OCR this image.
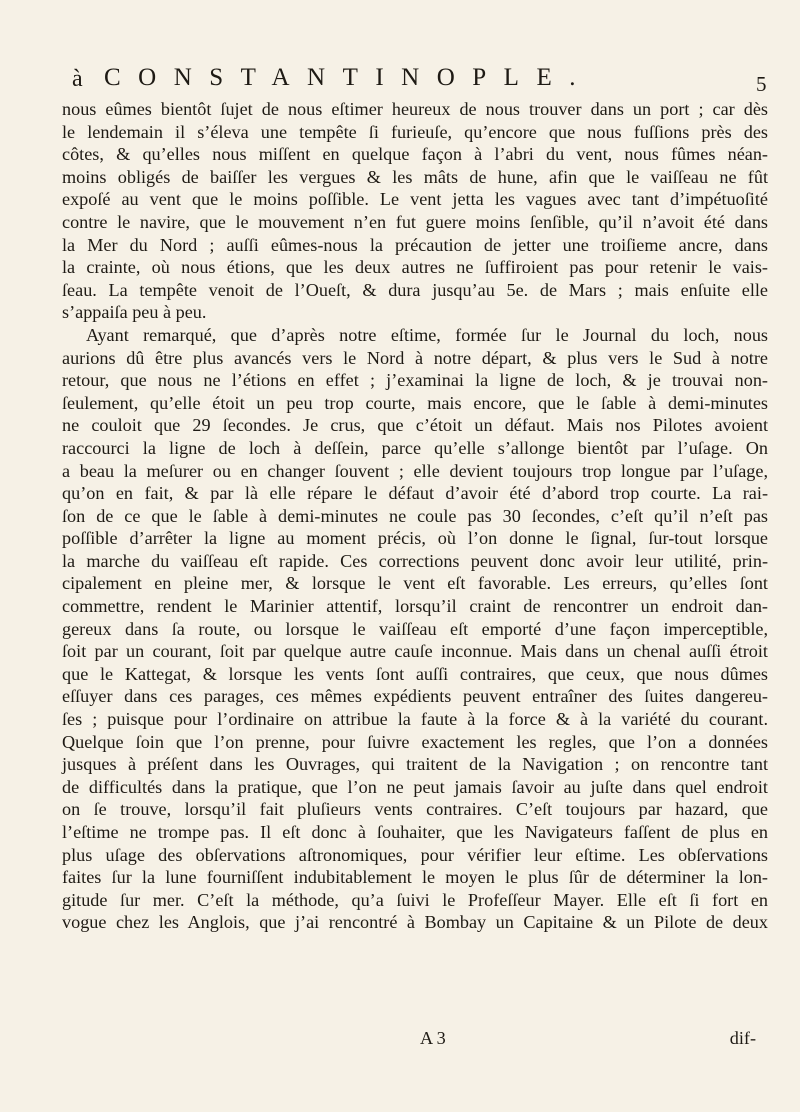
à CONSTANTINOPLE.	5
nous eûmes bientôt ſujet de nous eſtimer heureux de nous trouver dans un port ; car dès
le lendemain il s’éleva une tempête ſi furieuſe, qu’encore que nous fuſſions près des
côtes, & qu’elles nous miſſent en quelque façon à l’abri du vent, nous fûmes néan-
moins obligés de baiſſer les vergues & les mâts de hune, afin que le vaiſſeau ne fût
expoſé au vent que le moins poſſible. Le vent jetta les vagues avec tant d’impétuoſité
contre le navire, que le mouvement n’en fut guere moins ſenſible, qu’il n’avoit été dans
la Mer du Nord ; auſſi eûmes-nous la précaution de jetter une troiſieme ancre, dans
la crainte, où nous étions, que les deux autres ne ſuffiroient pas pour retenir le vais-
ſeau. La tempête venoit de l’Oueſt, & dura jusqu’au 5e. de Mars ; mais enſuite elle
s’appaiſa peu à peu.
Ayant remarqué, que d’après notre eſtime, formée ſur le Journal du loch, nous
aurions dû être plus avancés vers le Nord à notre départ, & plus vers le Sud à notre
retour, que nous ne l’étions en effet ; j’examinai la ligne de loch, & je trouvai non-
ſeulement, qu’elle étoit un peu trop courte, mais encore, que le ſable à demi-minutes
ne couloit que 29 ſecondes. Je crus, que c’étoit un défaut. Mais nos Pilotes avoient
raccourci la ligne de loch à deſſein, parce qu’elle s’allonge bientôt par l’uſage. On
a beau la meſurer ou en changer ſouvent ; elle devient toujours trop longue par l’uſage,
qu’on en fait, & par là elle répare le défaut d’avoir été d’abord trop courte. La rai-
ſon de ce que le ſable à demi-minutes ne coule pas 30 ſecondes, c’eſt qu’il n’eſt pas
poſſible d’arrêter la ligne au moment précis, où l’on donne le ſignal, ſur-tout lorsque
la marche du vaiſſeau eſt rapide. Ces corrections peuvent donc avoir leur utilité, prin-
cipalement en pleine mer, & lorsque le vent eſt favorable. Les erreurs, qu’elles ſont
commettre, rendent le Marinier attentif, lorsqu’il craint de rencontrer un endroit dan-
gereux dans ſa route, ou lorsque le vaiſſeau eſt emporté d’une façon imperceptible,
ſoit par un courant, ſoit par quelque autre cauſe inconnue. Mais dans un chenal auſſi étroit
que le Kattegat, & lorsque les vents ſont auſſi contraires, que ceux, que nous dûmes
eſſuyer dans ces parages, ces mêmes expédients peuvent entraîner des ſuites dangereu-
ſes ; puisque pour l’ordinaire on attribue la faute à la force & à la variété du courant.
Quelque ſoin que l’on prenne, pour ſuivre exactement les regles, que l’on a données
jusques à préſent dans les Ouvrages, qui traitent de la Navigation ; on rencontre tant
de difficultés dans la pratique, que l’on ne peut jamais ſavoir au juſte dans quel endroit
on ſe trouve, lorsqu’il fait pluſieurs vents contraires. C’eſt toujours par hazard, que
l’eſtime ne trompe pas. Il eſt donc à ſouhaiter, que les Navigateurs faſſent de plus en
plus uſage des obſervations aſtronomiques, pour vérifier leur eſtime. Les obſervations
faites ſur la lune fourniſſent indubitablement le moyen le plus ſûr de déterminer la lon-
gitude ſur mer. C’eſt la méthode, qu’a ſuivi le Profeſſeur Mayer. Elle eſt ſi fort en
vogue chez les Anglois, que j’ai rencontré à Bombay un Capitaine & un Pilote de deux
A 3	dif-
